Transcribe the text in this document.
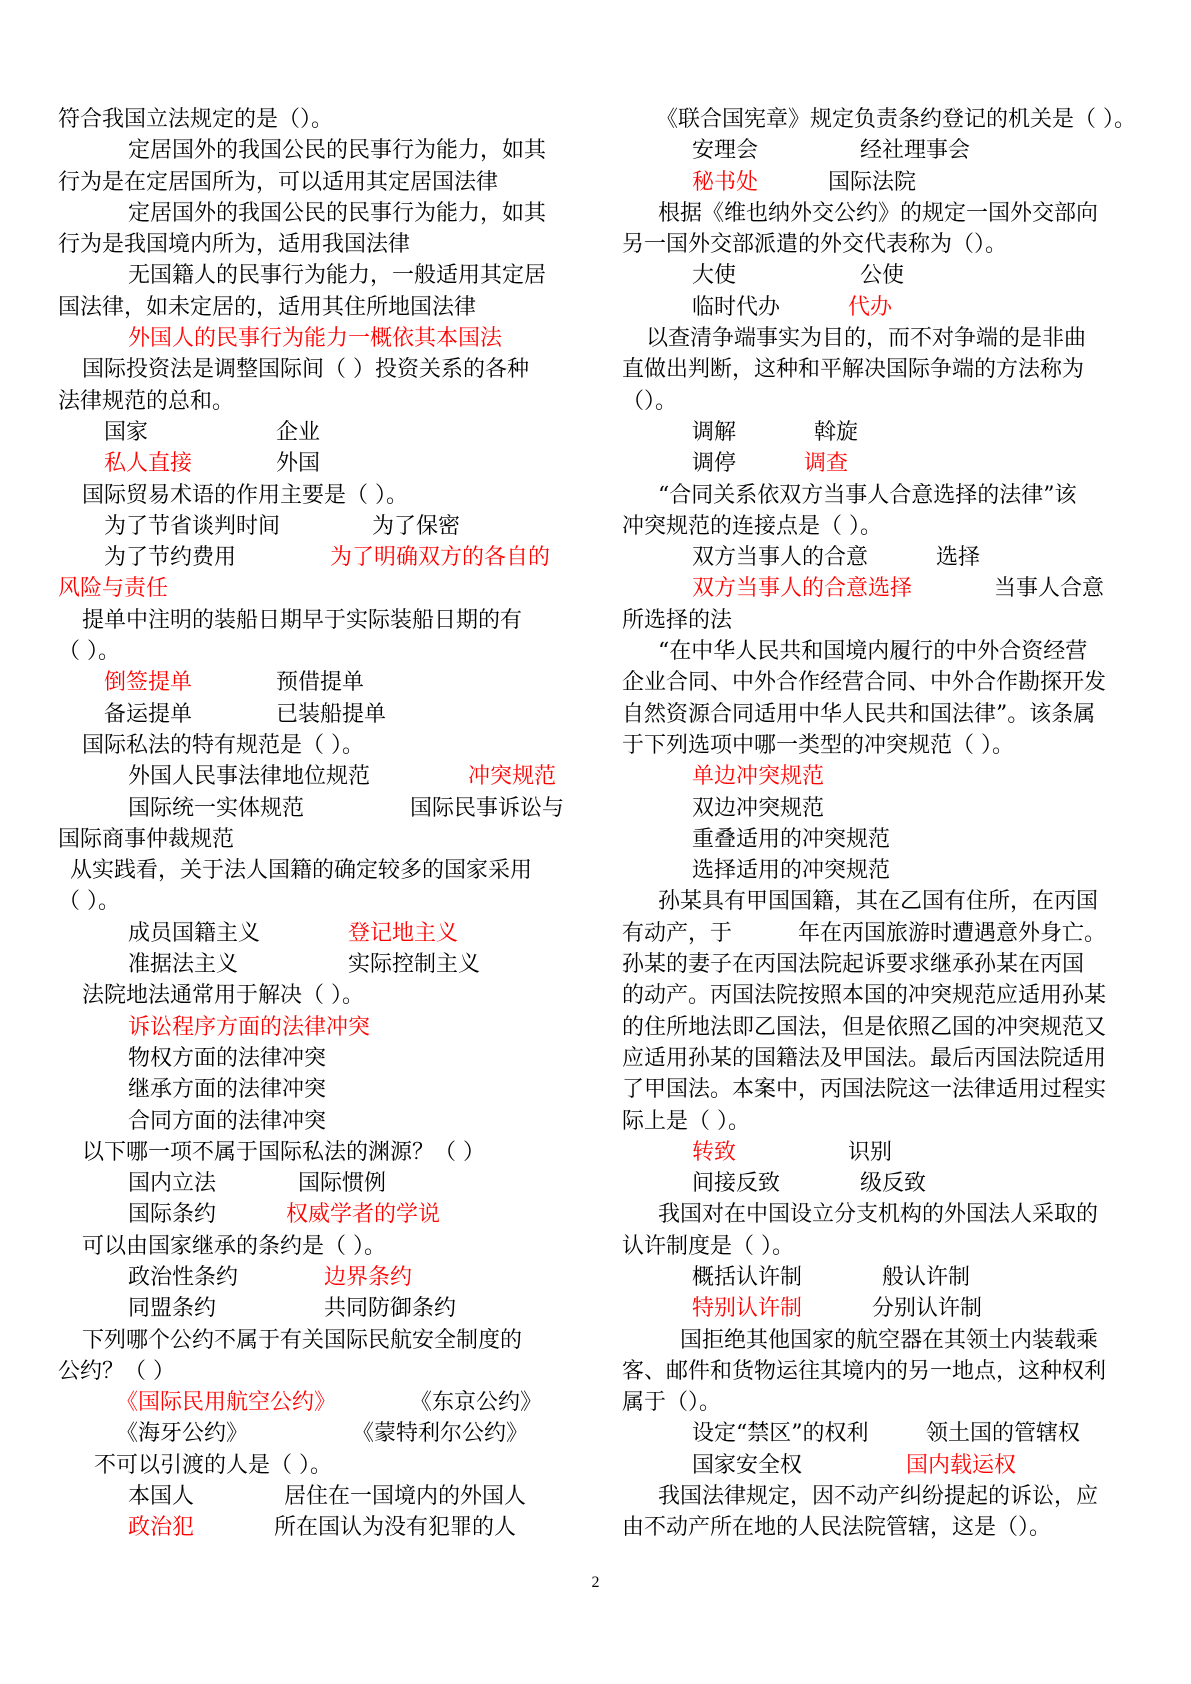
符合我国立法规定的是（）。
定居国外的我国公民的民事行为能力，如其
行为是在定居国所为，可以适用其定居国法律
定居国外的我国公民的民事行为能力，如其
行为是我国境内所为，适用我国法律
无国籍人的民事行为能力，一般适用其定居
国法律，如未定居的，适用其住所地国法律
外国人的民事行为能力一概依其本国法
国际投资法是调整国际间（ ）投资关系的各种
法律规范的总和。
国家	企业
私人直接	外国
国际贸易术语的作用主要是（ ）。
为了节省谈判时间	为了保密
为了节约费用	为了明确双方的各自的
风险与责任
提单中注明的装船日期早于实际装船日期的有
（ ）。
倒签提单	预借提单
备运提单	已装船提单
国际私法的特有规范是（ ）。
外国人民事法律地位规范	冲突规范
国际统一实体规范	国际民事诉讼与
国际商事仲裁规范
从实践看，关于法人国籍的确定较多的国家采用
（ ）。
成员国籍主义	登记地主义
准据法主义	实际控制主义
法院地法通常用于解决（ ）。
诉讼程序方面的法律冲突
物权方面的法律冲突
继承方面的法律冲突
合同方面的法律冲突
以下哪一项不属于国际私法的渊源？（ ）
国内立法	国际惯例
国际条约	权威学者的学说
可以由国家继承的条约是（ ）。
政治性条约	边界条约
同盟条约	共同防御条约
下列哪个公约不属于有关国际民航安全制度的
公约？（ ）
《国际民用航空公约》	《东京公约》
《海牙公约》	《蒙特利尔公约》
不可以引渡的人是（ ）。
本国人	居住在一国境内的外国人
政治犯	所在国认为没有犯罪的人
《联合国宪章》规定负责条约登记的机关是（ ）。
安理会	经社理事会
秘书处	国际法院
根据《维也纳外交公约》的规定一国外交部向
另一国外交部派遣的外交代表称为（）。
大使	公使
临时代办	代办
以查清争端事实为目的，而不对争端的是非曲
直做出判断，这种和平解决国际争端的方法称为
（）。
调解	斡旋
调停	调查
“合同关系依双方当事人合意选择的法律”该
冲突规范的连接点是（ ）。
双方当事人的合意	选择
双方当事人的合意选择	当事人合意
所选择的法
“在中华人民共和国境内履行的中外合资经营
企业合同、中外合作经营合同、中外合作勘探开发
自然资源合同适用中华人民共和国法律”。该条属
于下列选项中哪一类型的冲突规范（ ）。
单边冲突规范
双边冲突规范
重叠适用的冲突规范
选择适用的冲突规范
孙某具有甲国国籍，其在乙国有住所，在丙国
有动产，于　　　年在丙国旅游时遭遇意外身亡。
孙某的妻子在丙国法院起诉要求继承孙某在丙国
的动产。丙国法院按照本国的冲突规范应适用孙某
的住所地法即乙国法，但是依照乙国的冲突规范又
应适用孙某的国籍法及甲国法。最后丙国法院适用
了甲国法。本案中，丙国法院这一法律适用过程实
际上是（ ）。
转致	识别
间接反致	级反致
我国对在中国设立分支机构的外国法人采取的
认许制度是（ ）。
概括认许制	般认许制
特别认许制	分别认许制
国拒绝其他国家的航空器在其领土内装载乘
客、邮件和货物运往其境内的另一地点，这种权利
属于（）。
设定“禁区”的权利	领土国的管辖权
国家安全权	国内载运权
我国法律规定，因不动产纠纷提起的诉讼，应
由不动产所在地的人民法院管辖，这是（）。
2
